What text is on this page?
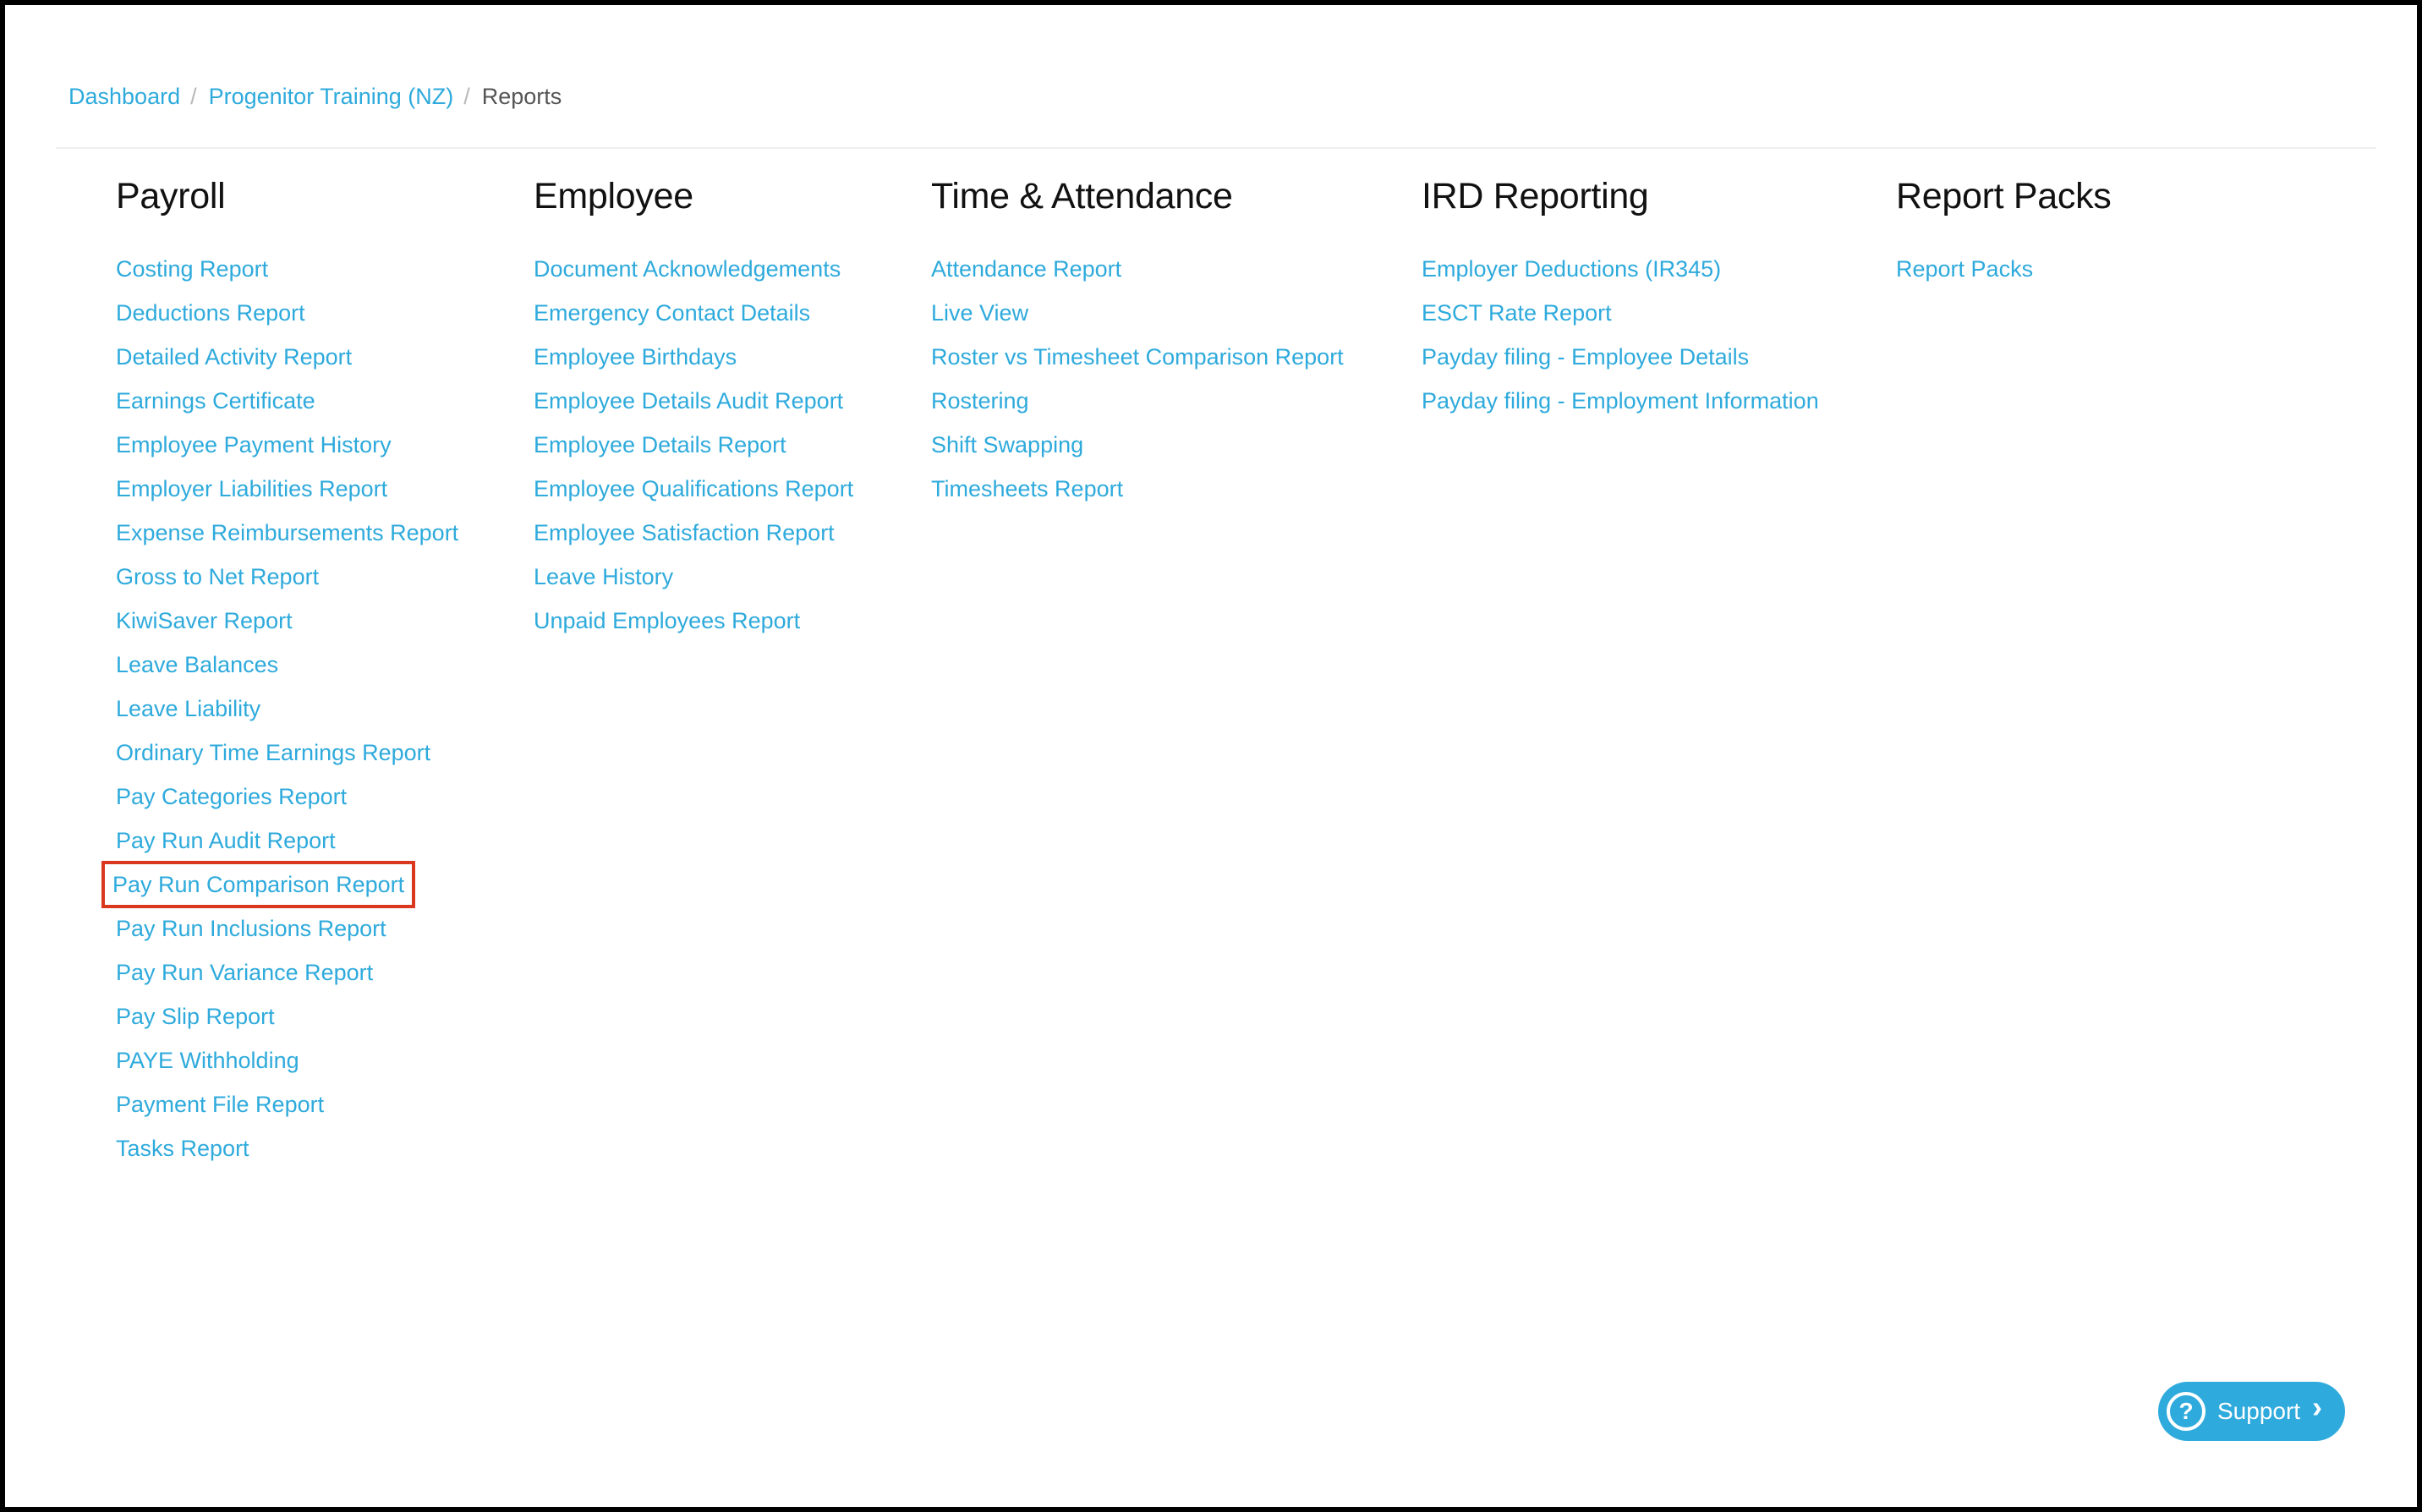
Dashboard / Progenitor Training (NZ) / Reports
Payroll
Costing Report
Deductions Report
Detailed Activity Report
Earnings Certificate
Employee Payment History
Employer Liabilities Report
Expense Reimbursements Report
Gross to Net Report
KiwiSaver Report
Leave Balances
Leave Liability
Ordinary Time Earnings Report
Pay Categories Report
Pay Run Audit Report
Pay Run Comparison Report
Pay Run Inclusions Report
Pay Run Variance Report
Pay Slip Report
PAYE Withholding
Payment File Report
Tasks Report
Employee
Document Acknowledgements
Emergency Contact Details
Employee Birthdays
Employee Details Audit Report
Employee Details Report
Employee Qualifications Report
Employee Satisfaction Report
Leave History
Unpaid Employees Report
Time & Attendance
Attendance Report
Live View
Roster vs Timesheet Comparison Report
Rostering
Shift Swapping
Timesheets Report
IRD Reporting
Employer Deductions (IR345)
ESCT Rate Report
Payday filing - Employee Details
Payday filing - Employment Information
Report Packs
Report Packs
?	Support ›
